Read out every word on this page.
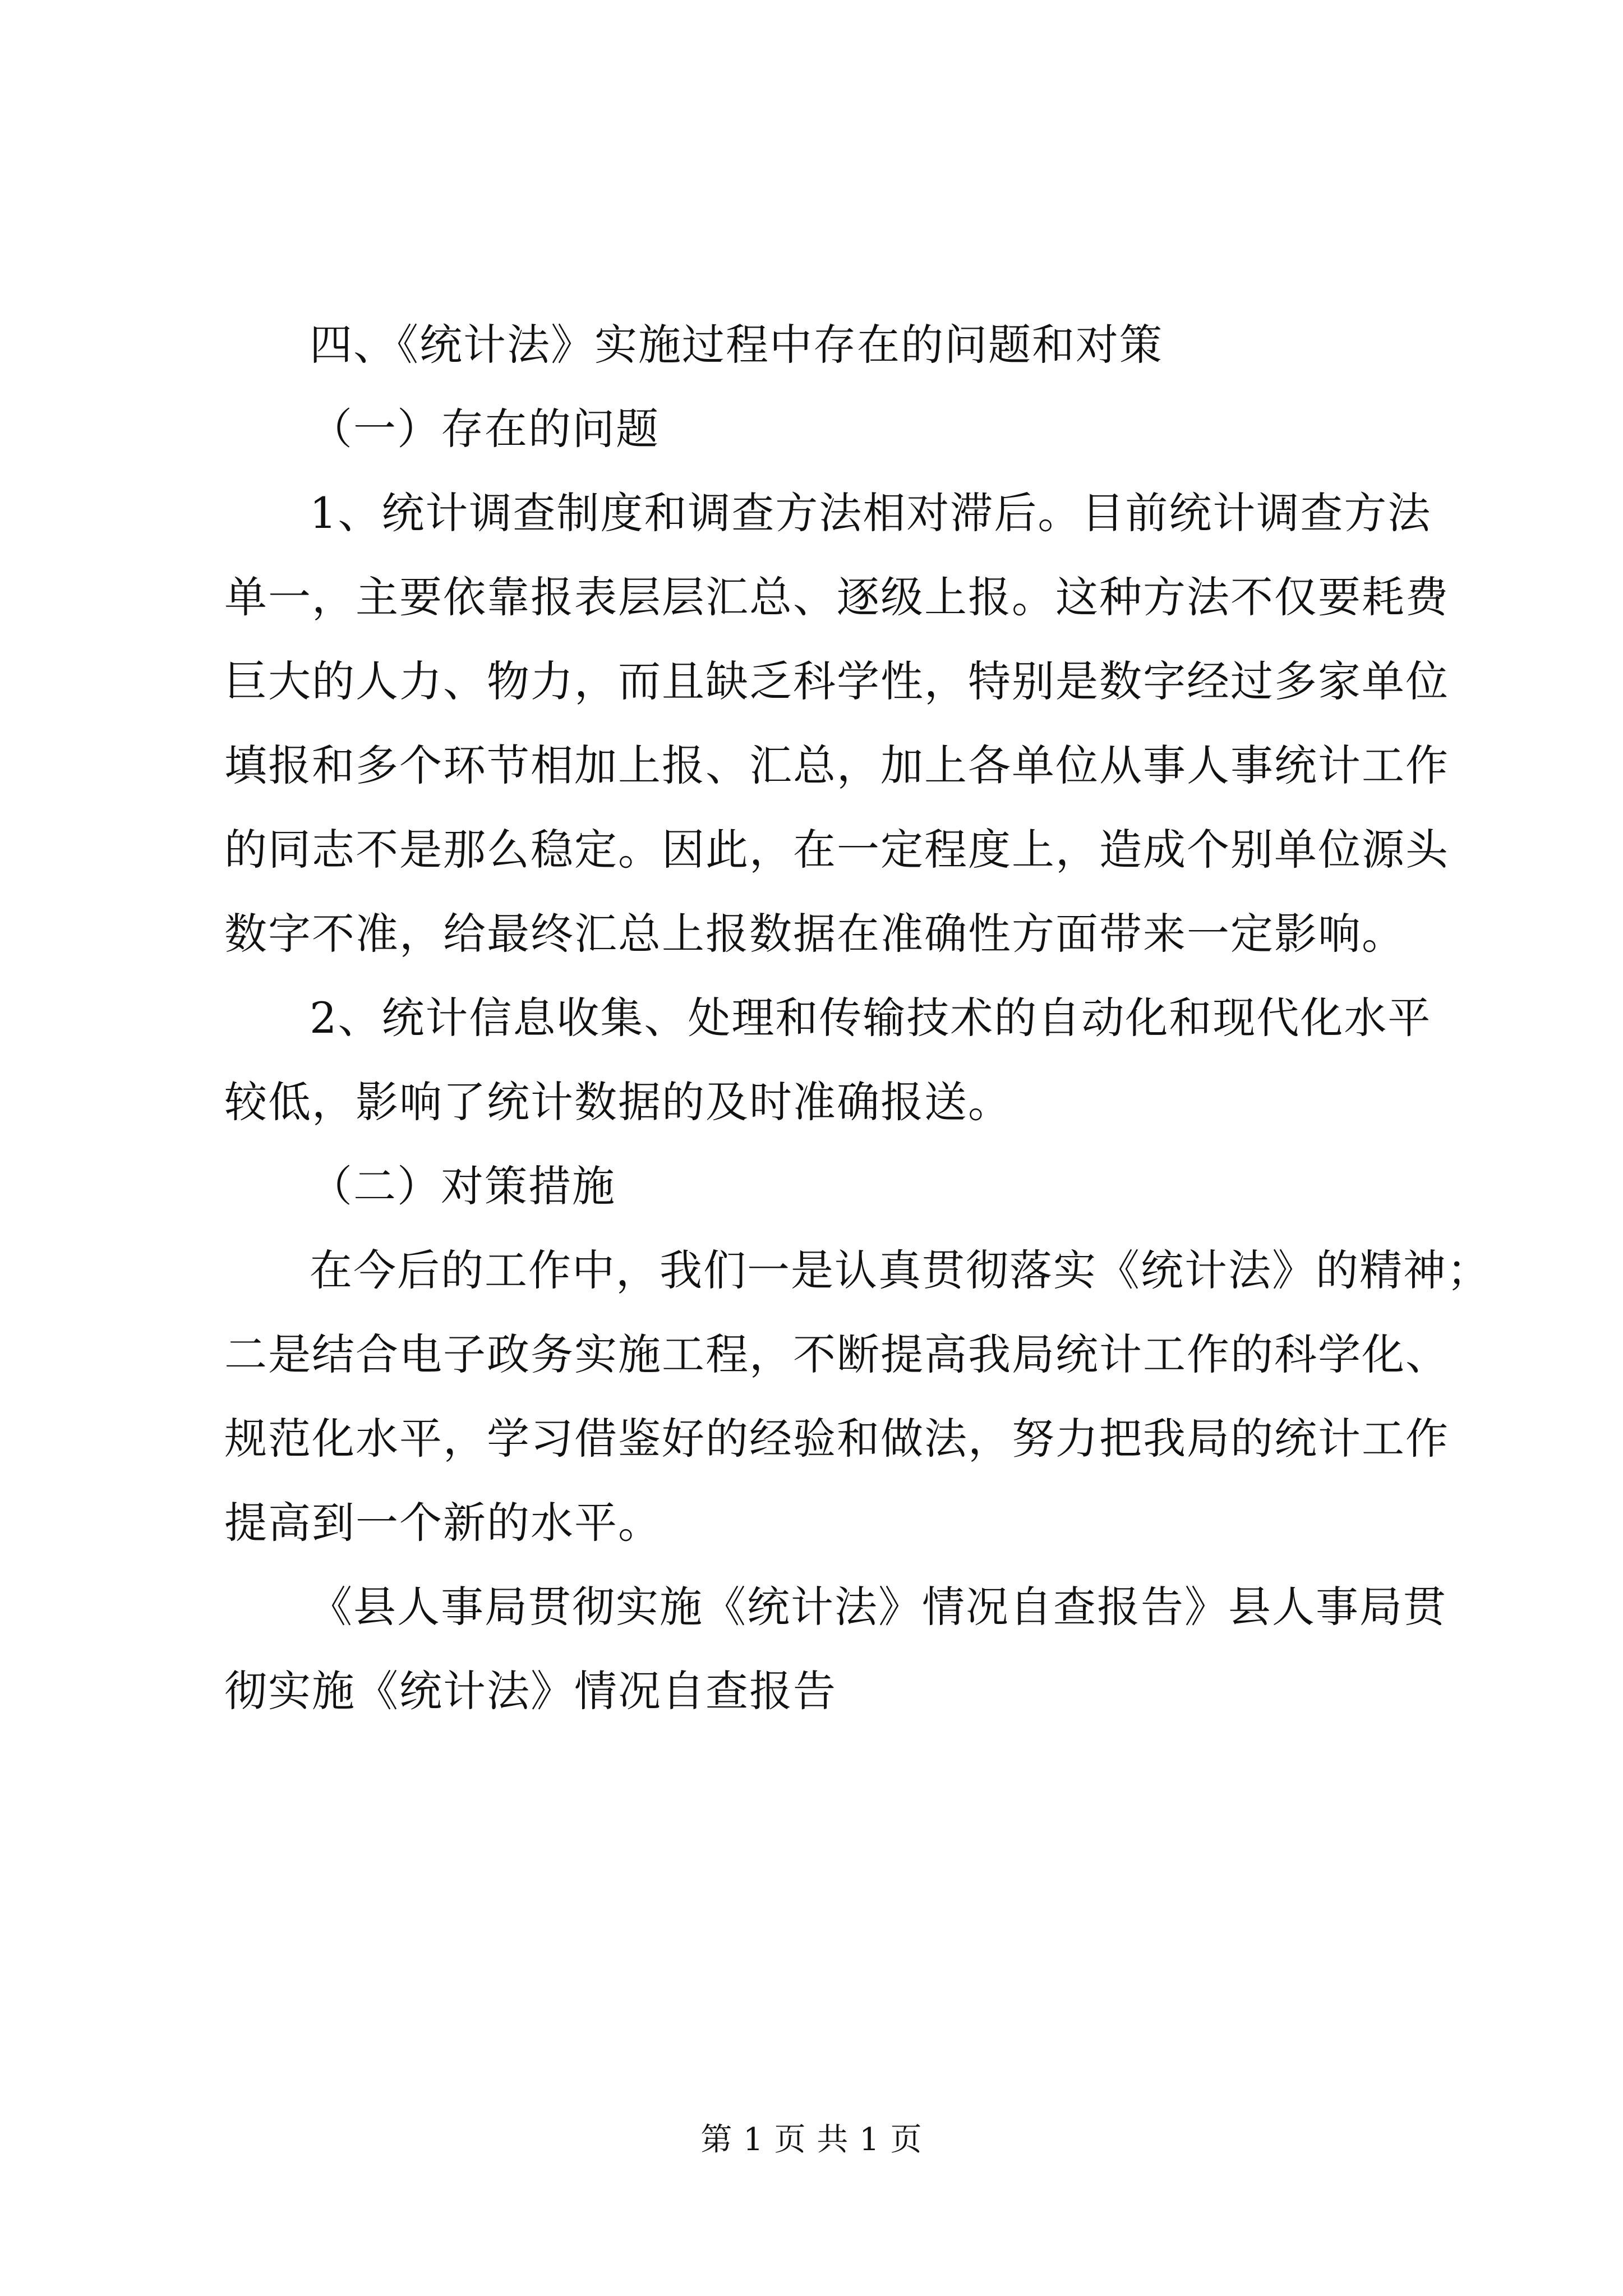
四、《统计法》实施过程中存在的问题和对策
（一）存在的问题
1、统计调查制度和调查方法相对滞后。目前统计调查方法
单一，主要依靠报表层层汇总、逐级上报。这种方法不仅要耗费
巨大的人力、物力，而且缺乏科学性，特别是数字经过多家单位
填报和多个环节相加上报、汇总，加上各单位从事人事统计工作
的同志不是那么稳定。因此，在一定程度上，造成个别单位源头
数字不准，给最终汇总上报数据在准确性方面带来一定影响。
2、统计信息收集、处理和传输技术的自动化和现代化水平
较低，影响了统计数据的及时准确报送。
（二）对策措施
在今后的工作中，我们一是认真贯彻落实《统计法》的精神；
二是结合电子政务实施工程，不断提高我局统计工作的科学化、
规范化水平，学习借鉴好的经验和做法，努力把我局的统计工作
提高到一个新的水平。
《县人事局贯彻实施《统计法》情况自查报告》县人事局贯
彻实施《统计法》情况自查报告
第 1 页 共 1 页
